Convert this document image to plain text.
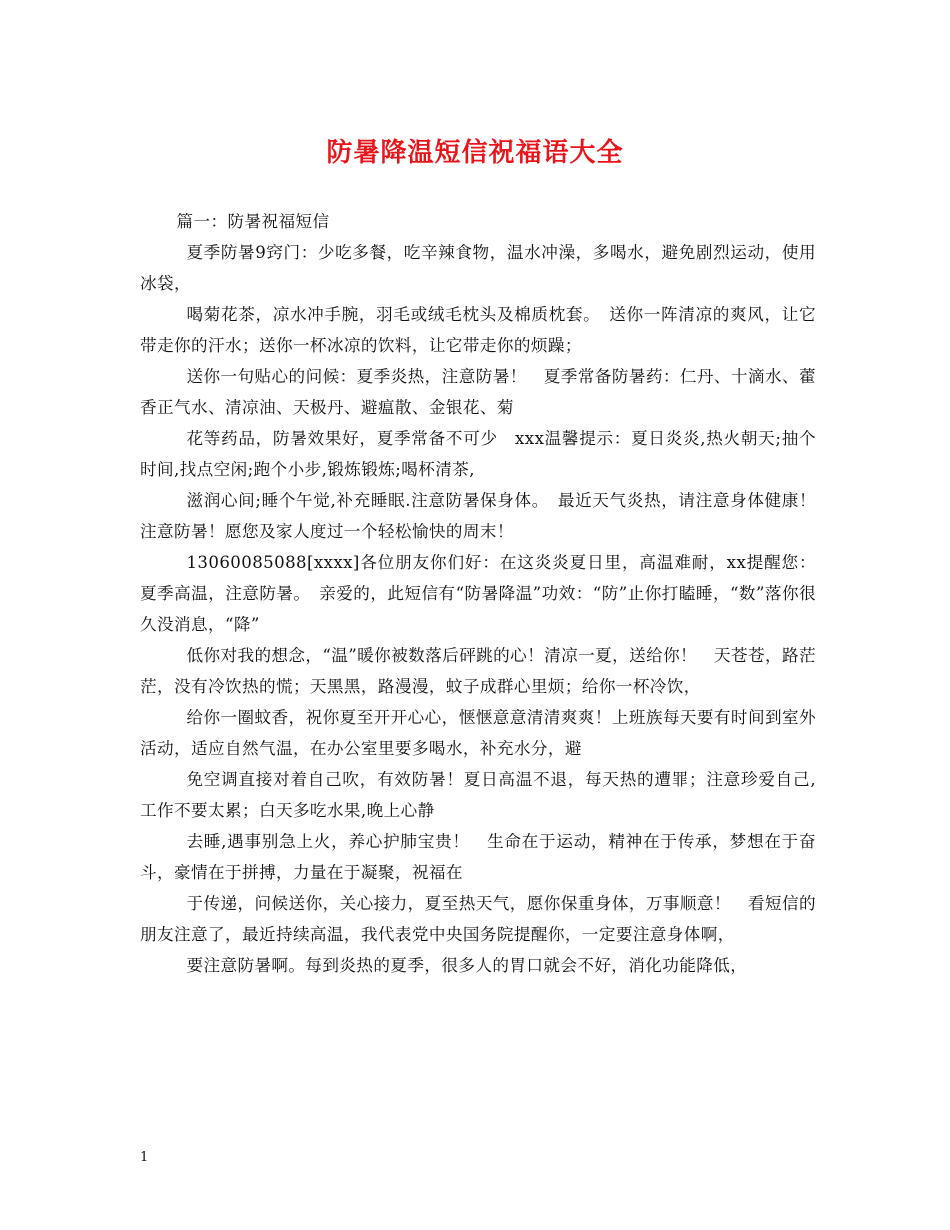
防暑降温短信祝福语大全

篇一：防暑祝福短信

夏季防暑9窍门：少吃多餐，吃辛辣食物，温水冲澡，多喝水，避免剧烈运动，使用冰袋，

喝菊花茶，凉水冲手腕，羽毛或绒毛枕头及棉质枕套。　送你一阵清凉的爽风，让它带走你的汗水；送你一杯冰凉的饮料，让它带走你的烦躁；

送你一句贴心的问候：夏季炎热，注意防暑！　夏季常备防暑药：仁丹、十滴水、藿香正气水、清凉油、天极丹、避瘟散、金银花、菊

花等药品，防暑效果好，夏季常备不可少　xxx温馨提示：夏日炎炎,热火朝天;抽个时间,找点空闲;跑个小步,锻炼锻炼;喝杯清茶,

滋润心间;睡个午觉,补充睡眠.注意防暑保身体。　最近天气炎热，请注意身体健康！注意防暑！愿您及家人度过一个轻松愉快的周末！

13060085088[xxxx]各位朋友你们好：在这炎炎夏日里，高温难耐，xx提醒您：夏季高温，注意防暑。　亲爱的，此短信有“防暑降温”功效：“防”止你打瞌睡，“数”落你很久没消息，“降”

低你对我的想念，“温”暖你被数落后砰跳的心！清凉一夏，送给你！　天苍苍，路茫茫，没有冷饮热的慌；天黑黑，路漫漫，蚊子成群心里烦；给你一杯冷饮，

给你一圈蚊香，祝你夏至开开心心，惬惬意意清清爽爽！上班族每天要有时间到室外活动，适应自然气温，在办公室里要多喝水，补充水分，避

免空调直接对着自己吹，有效防暑！夏日高温不退，每天热的遭罪；注意珍爱自己,工作不要太累；白天多吃水果,晚上心静

去睡,遇事别急上火，养心护肺宝贵！　生命在于运动，精神在于传承，梦想在于奋斗，豪情在于拼搏，力量在于凝聚，祝福在

于传递，问候送你，关心接力，夏至热天气，愿你保重身体，万事顺意！　看短信的朋友注意了，最近持续高温，我代表党中央国务院提醒你，一定要注意身体啊，

要注意防暑啊。每到炎热的夏季，很多人的胃口就会不好，消化功能降低，

1
